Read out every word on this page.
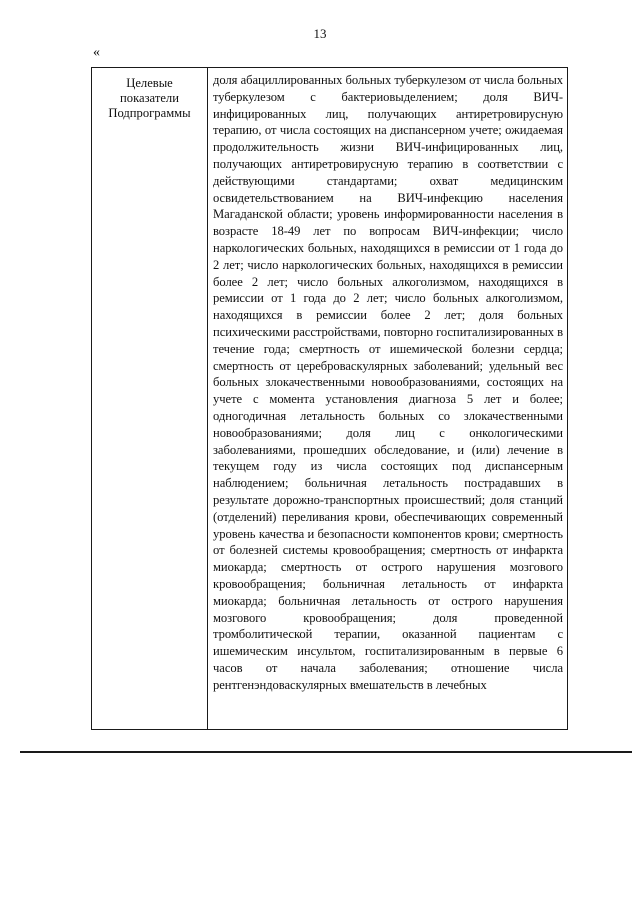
13
«
Целевые
показатели
Подпрограммы

доля абациллированных больных туберкулезом от числа больных туберкулезом с бактериовыделением; доля ВИЧ-инфицированных лиц, получающих антиретровирусную терапию, от числа состоящих на диспансерном учете; ожидаемая продолжительность жизни ВИЧ-инфицированных лиц, получающих антиретровирусную терапию в соответствии с действующими стандартами; охват медицинским освидетельствованием на ВИЧ-инфекцию населения Магаданской области; уровень информированности населения в возрасте 18-49 лет по вопросам ВИЧ-инфекции; число наркологических больных, находящихся в ремиссии от 1 года до 2 лет; число наркологических больных, находящихся в ремиссии более 2 лет; число больных алкоголизмом, находящихся в ремиссии от 1 года до 2 лет; число больных алкоголизмом, находящихся в ремиссии более 2 лет; доля больных психическими расстройствами, повторно госпитализированных в течение года; смертность от ишемической болезни сердца; смертность от цереброваскулярных заболеваний; удельный вес больных злокачественными новообразованиями, состоящих на учете с момента установления диагноза 5 лет и более; одногодичная летальность больных со злокачественными новообразованиями; доля лиц с онкологическими заболеваниями, прошедших обследование, и (или) лечение в текущем году из числа состоящих под диспансерным наблюдением; больничная летальность пострадавших в результате дорожно-транспортных происшествий; доля станций (отделений) переливания крови, обеспечивающих современный уровень качества и безопасности компонентов крови; смертность от болезней системы кровообращения; смертность от инфаркта миокарда; смертность от острого нарушения мозгового кровообращения; больничная летальность от инфаркта миокарда; больничная летальность от острого нарушения мозгового кровообращения; доля проведенной тромболитической терапии, оказанной пациентам с ишемическим инсультом, госпитализированным в первые 6 часов от начала заболевания; отношение числа рентгенэндоваскулярных вмешательств в лечебных
